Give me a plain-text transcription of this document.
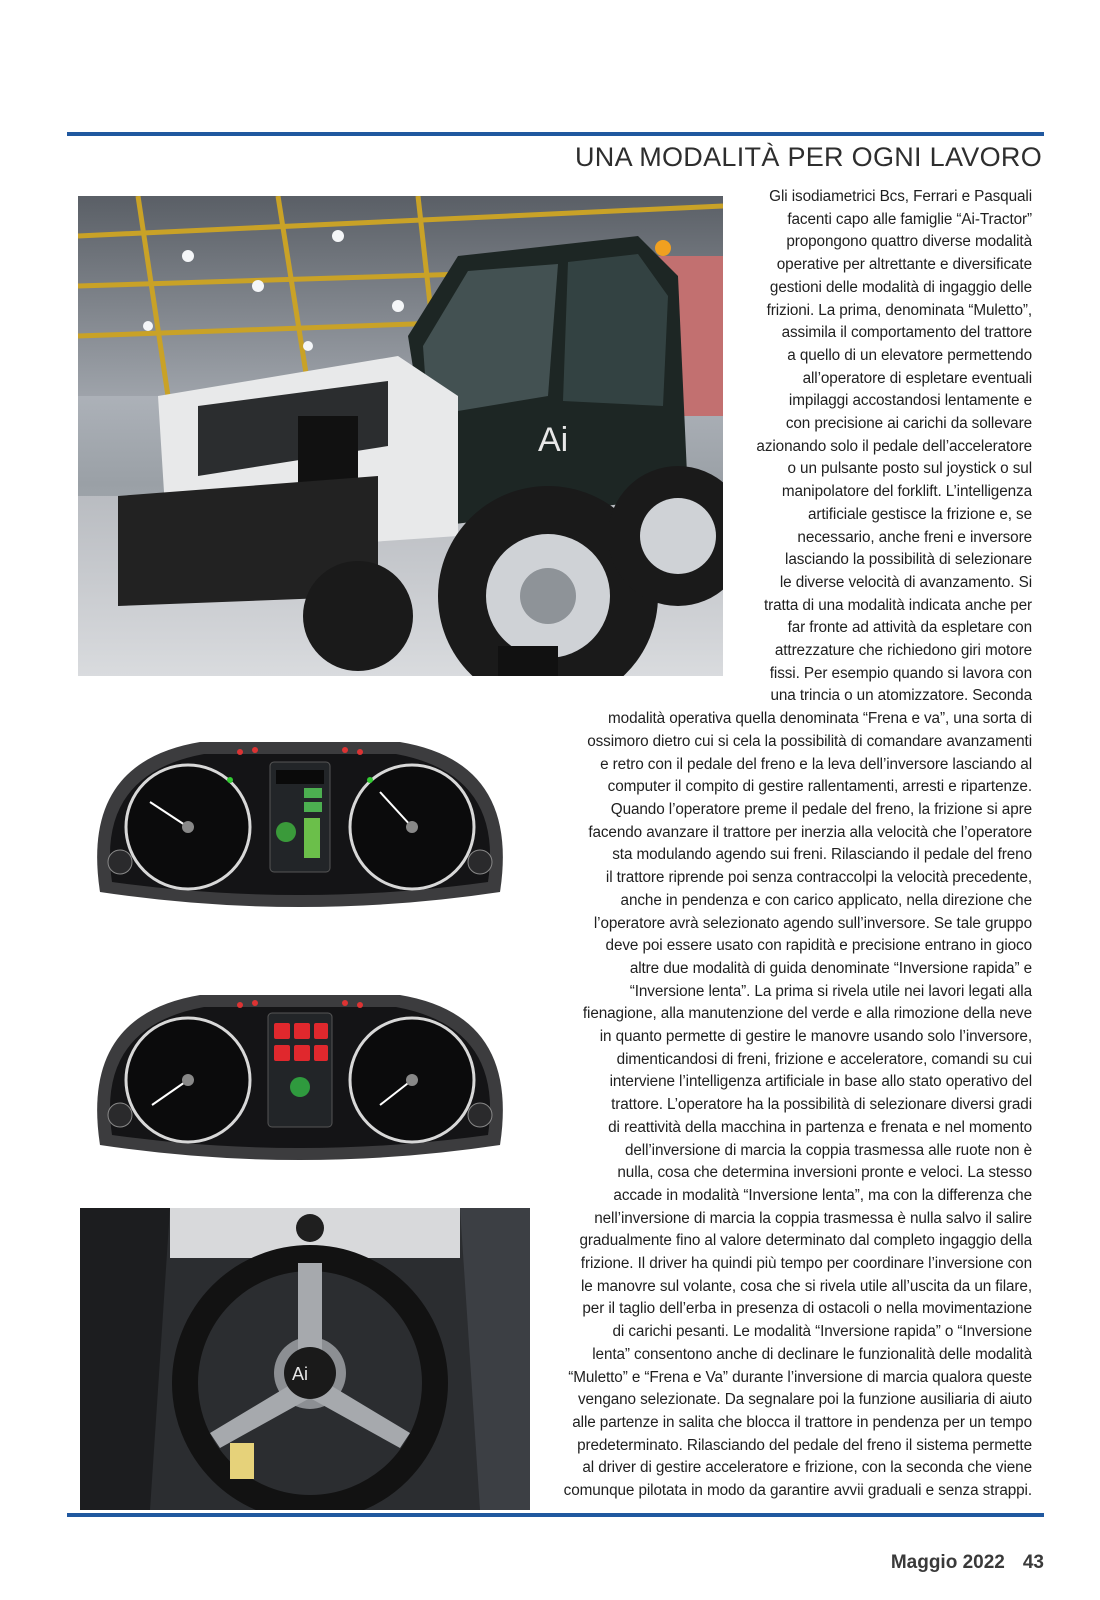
UNA MODALITÀ PER OGNI LAVORO
Ai
Ai
Gli isodiametrici Bcs, Ferrari e Pasquali
facenti capo alle famiglie “Ai-Tractor”
propongono quattro diverse modalità
operative per altrettante e diversificate
gestioni delle modalità di ingaggio delle
frizioni. La prima, denominata “Muletto”,
assimila il comportamento del trattore
a quello di un elevatore permettendo
all’operatore di espletare eventuali
impilaggi accostandosi lentamente e
con precisione ai carichi da sollevare
azionando solo il pedale dell’acceleratore
o un pulsante posto sul joystick o sul
manipolatore del forklift. L’intelligenza
artificiale gestisce la frizione e, se
necessario, anche freni e inversore
lasciando la possibilità di selezionare
le diverse velocità di avanzamento. Si
tratta di una modalità indicata anche per
far fronte ad attività da espletare con
attrezzature che richiedono giri motore
fissi. Per esempio quando si lavora con
una trincia o un atomizzatore. Seconda
modalità operativa quella denominata “Frena e va”, una sorta di
ossimoro dietro cui si cela la possibilità di comandare avanzamenti
e retro con il pedale del freno e la leva dell’inversore lasciando al
computer il compito di gestire rallentamenti, arresti e ripartenze.
Quando l’operatore preme il pedale del freno, la frizione si apre
facendo avanzare il trattore per inerzia alla velocità che l’operatore
sta modulando agendo sui freni. Rilasciando il pedale del freno
il trattore riprende poi senza contraccolpi la velocità precedente,
anche in pendenza e con carico applicato, nella direzione che
l’operatore avrà selezionato agendo sull’inversore. Se tale gruppo
deve poi essere usato con rapidità e precisione entrano in gioco
altre due modalità di guida denominate “Inversione rapida” e
“Inversione lenta”. La prima si rivela utile nei lavori legati alla
fienagione, alla manutenzione del verde e alla rimozione della neve
in quanto permette di gestire le manovre usando solo l’inversore,
dimenticandosi di freni, frizione e acceleratore, comandi su cui
interviene l’intelligenza artificiale in base allo stato operativo del
trattore. L’operatore ha la possibilità di selezionare diversi gradi
di reattività della macchina in partenza e frenata e nel momento
dell’inversione di marcia la coppia trasmessa alle ruote non è
nulla, cosa che determina inversioni pronte e veloci. La stesso
accade in modalità “Inversione lenta”, ma con la differenza che
nell’inversione di marcia la coppia trasmessa è nulla salvo il salire
gradualmente fino al valore determinato dal completo ingaggio della
frizione. Il driver ha quindi più tempo per coordinare l’inversione con
le manovre sul volante, cosa che si rivela utile all’uscita da un filare,
per il taglio dell’erba in presenza di ostacoli o nella movimentazione
di carichi pesanti. Le modalità “Inversione rapida” o “Inversione
lenta” consentono anche di declinare le funzionalità delle modalità
“Muletto” e “Frena e Va” durante l’inversione di marcia qualora queste
vengano selezionate. Da segnalare poi la funzione ausiliaria di aiuto
alle partenze in salita che blocca il trattore in pendenza per un tempo
predeterminato. Rilasciando del pedale del freno il sistema permette
al driver di gestire acceleratore e frizione, con la seconda che viene
comunque pilotata in modo da garantire avvii graduali e senza strappi.
Maggio 2022 43
